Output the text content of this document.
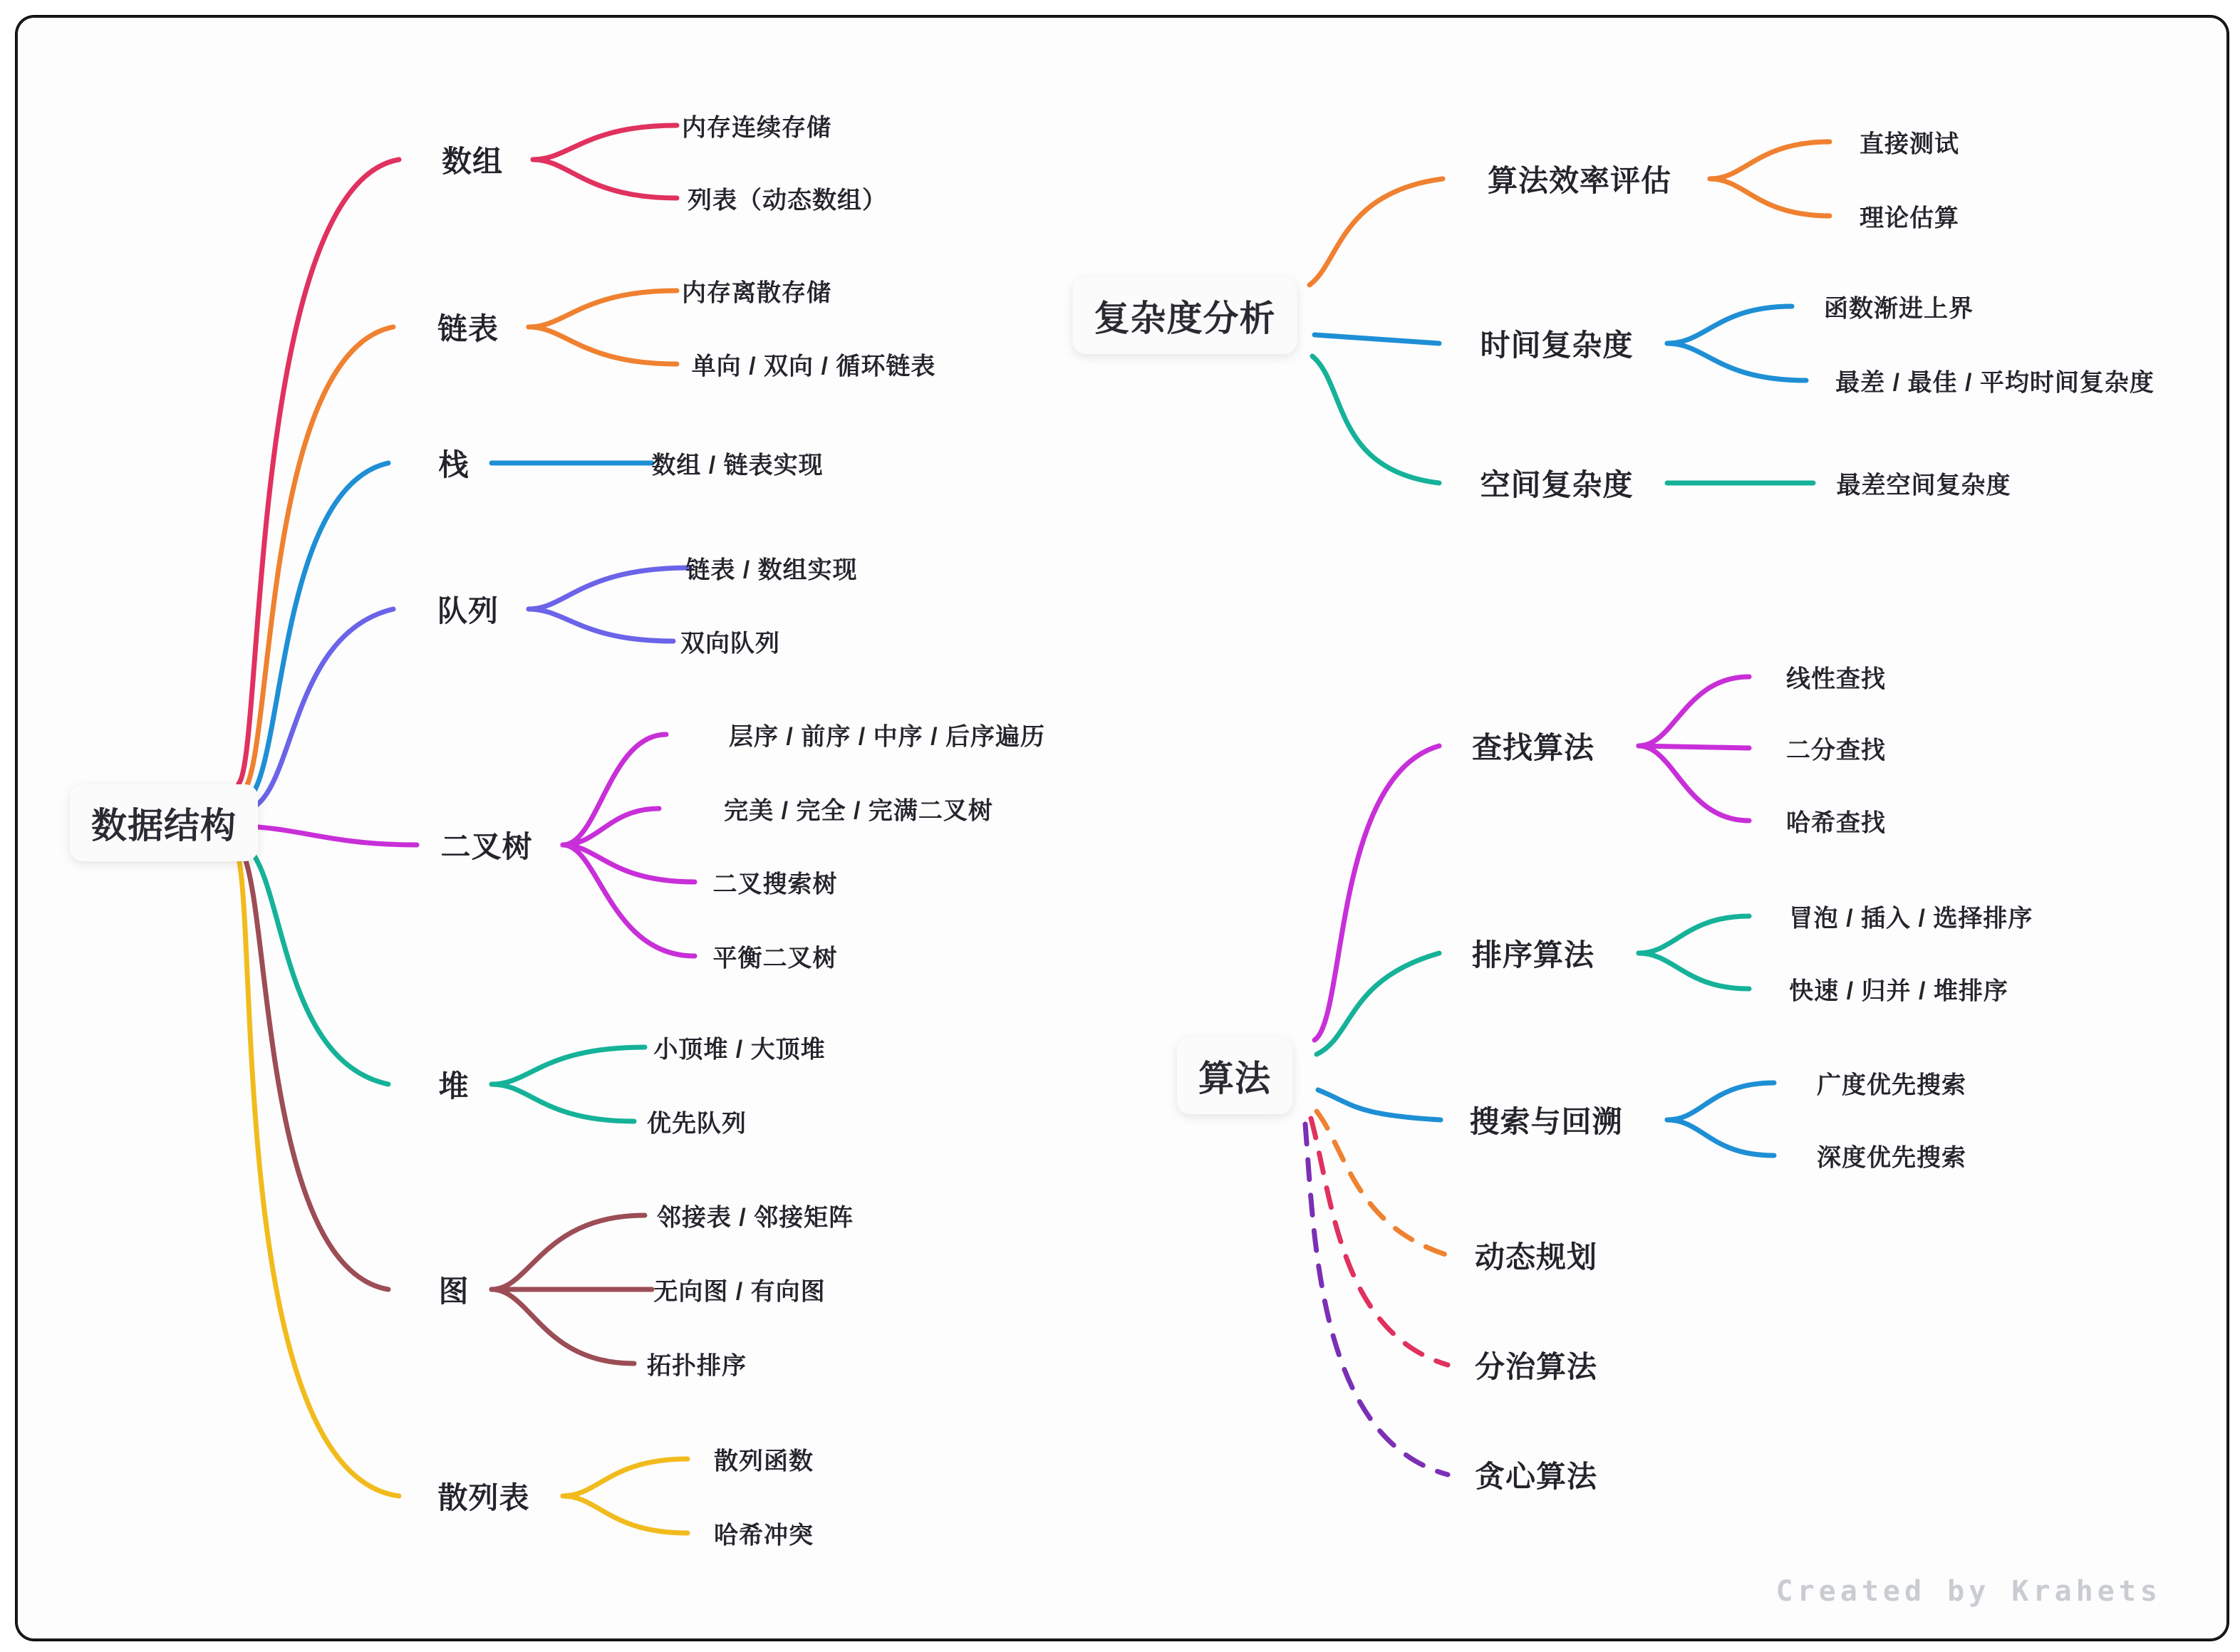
数据结构
复杂度分析
算法
数组
链表
栈
队列
二叉树
堆
图
散列表
算法效率评估
时间复杂度
空间复杂度
查找算法
排序算法
搜索与回溯
动态规划
分治算法
贪心算法
内存连续存储
列表（动态数组）
内存离散存储
单向 / 双向 / 循环链表
数组 / 链表实现
链表 / 数组实现
双向队列
层序 / 前序 / 中序 / 后序遍历
完美 / 完全 / 完满二叉树
二叉搜索树
平衡二叉树
小顶堆 / 大顶堆
优先队列
邻接表 / 邻接矩阵
无向图 / 有向图
拓扑排序
散列函数
哈希冲突
直接测试
理论估算
函数渐进上界
最差 / 最佳 / 平均时间复杂度
最差空间复杂度
线性查找
二分查找
哈希查找
冒泡 / 插入 / 选择排序
快速 / 归并 / 堆排序
广度优先搜索
深度优先搜索
Created by Krahets
